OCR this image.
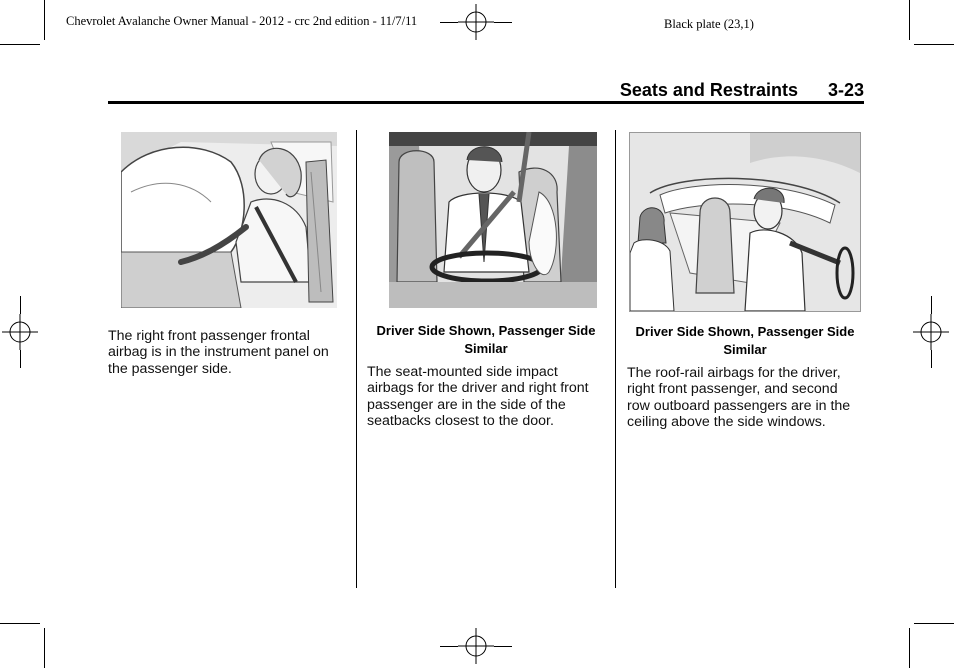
Chevrolet Avalanche Owner Manual - 2012 - crc 2nd edition - 11/7/11	Black plate (23,1)
Seats and Restraints 3-23
The right front passenger frontal airbag is in the instrument panel on the passenger side.
Driver Side Shown, Passenger Side Similar
The seat-mounted side impact airbags for the driver and right front passenger are in the side of the seatbacks closest to the door.
Driver Side Shown, Passenger Side Similar
The roof-rail airbags for the driver, right front passenger, and second row outboard passengers are in the ceiling above the side windows.
